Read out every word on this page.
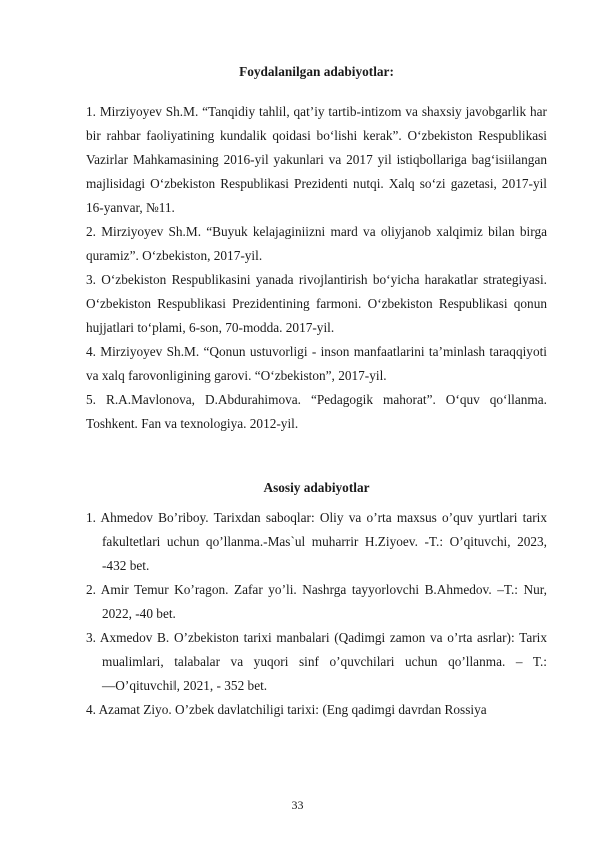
Foydalanilgan adabiyotlar:

1. Mirziyoyev Sh.M. “Tanqidiy tahlil, qat’iy tartib-intizom va shaxsiy javobgarlik har bir rahbar faoliyatining kundalik qoidasi bo‘lishi kerak”. O‘zbekiston Respublikasi Vazirlar Mahkamasining 2016-yil yakunlari va 2017 yil istiqbollariga bag‘isiilangan majlisidagi O‘zbekiston Respublikasi Prezidenti nutqi. Xalq so‘zi gazetasi, 2017-yil 16-yanvar, №11.

2. Mirziyoyev Sh.M. “Buyuk kelajaginiizni mard va oliyjanob xalqimiz bilan birga quramiz”. O‘zbekiston, 2017-yil.

3. O‘zbekiston Respublikasini yanada rivojlantirish bo‘yicha harakatlar strategiyasi. O‘zbekiston Respublikasi Prezidentining farmoni. O‘zbekiston Respublikasi qonun hujjatlari to‘plami, 6-son, 70-modda. 2017-yil.

4. Mirziyoyev Sh.M. “Qonun ustuvorligi - inson manfaatlarini ta’minlash taraqqiyoti va xalq farovonligining garovi. “O‘zbekiston”, 2017-yil.

5. R.A.Mavlonova, D.Abdurahimova. “Pedagogik mahorat”. O‘quv qo‘llanma. Toshkent. Fan va texnologiya. 2012-yil.

Asosiy adabiyotlar

1. Ahmedov Bo’riboy. Tarixdan saboqlar: Oliy va o’rta maxsus o’quv yurtlari tarix fakultetlari uchun qo’llanma.-Mas`ul muharrir H.Ziyoev. -T.: O’qituvchi, 2023, -432 bet.

2. Amir Temur Ko’ragon. Zafar yo’li. Nashrga tayyorlovchi B.Ahmedov. –T.: Nur, 2022, -40 bet.

3. Axmedov B. O’zbekiston tarixi manbalari (Qadimgi zamon va o’rta asrlar): Tarix mualimlari, talabalar va yuqori sinf o’quvchilari uchun qo’llanma. – T.: ―O’qituvchi‖, 2021, - 352 bet.

4. Azamat Ziyo. O’zbek davlatchiligi tarixi: (Eng qadimgi davrdan Rossiya

33
